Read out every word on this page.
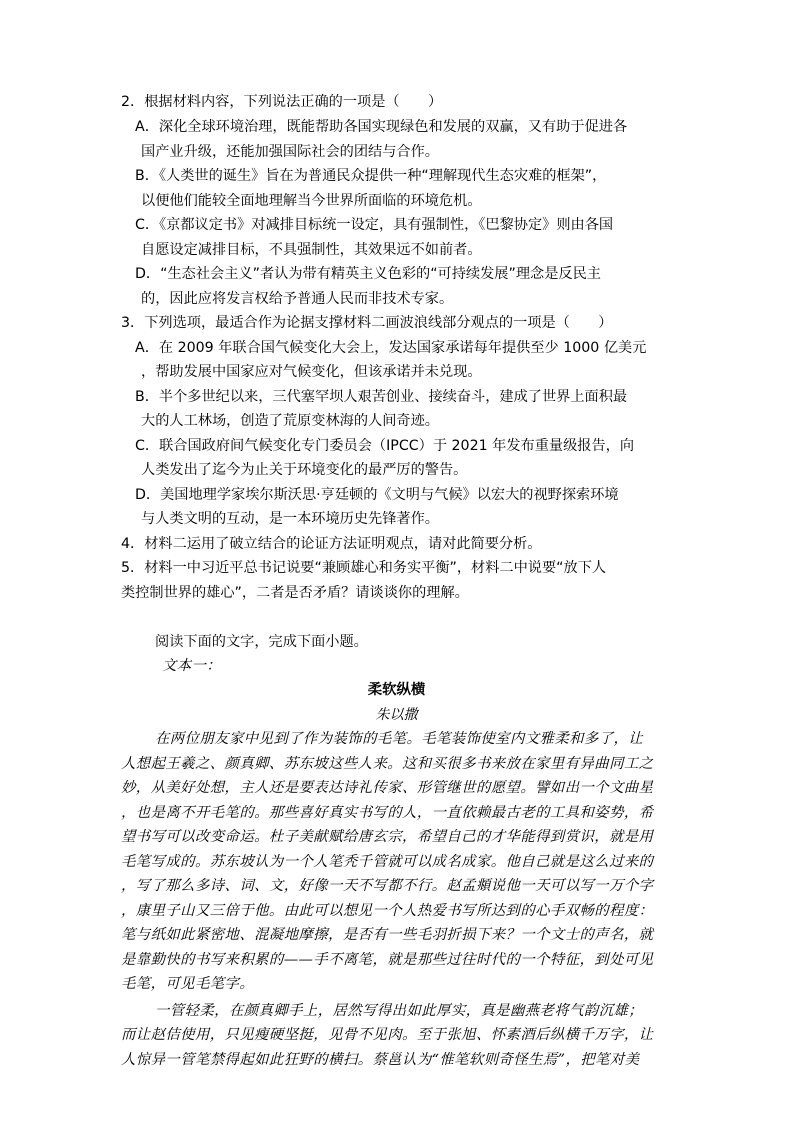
2．根据材料内容，下列说法正确的一项是（　　）
A．深化全球环境治理，既能帮助各国实现绿色和发展的双赢，又有助于促进各
国产业升级，还能加强国际社会的团结与合作。
B．《人类世的诞生》旨在为普通民众提供一种“理解现代生态灾难的框架”，
以便他们能较全面地理解当今世界所面临的环境危机。
C．《京都议定书》对减排目标统一设定，具有强制性，《巴黎协定》则由各国
自愿设定减排目标，不具强制性，其效果远不如前者。
D．“生态社会主义”者认为带有精英主义色彩的“可持续发展”理念是反民主
的，因此应将发言权给予普通人民而非技术专家。
3．下列选项，最适合作为论据支撑材料二画波浪线部分观点的一项是（　　）
A．在 2009 年联合国气候变化大会上，发达国家承诺每年提供至少 1000 亿美元
，帮助发展中国家应对气候变化，但该承诺并未兑现。
B．半个多世纪以来，三代塞罕坝人艰苦创业、接续奋斗，建成了世界上面积最
大的人工林场，创造了荒原变林海的人间奇迹。
C．联合国政府间气候变化专门委员会（IPCC）于 2021 年发布重量级报告，向
人类发出了迄今为止关于环境变化的最严厉的警告。
D．美国地理学家埃尔斯沃思·亨廷顿的《文明与气候》以宏大的视野探索环境
与人类文明的互动，是一本环境历史先锋著作。
4．材料二运用了破立结合的论证方法证明观点，请对此简要分析。
5．材料一中习近平总书记说要“兼顾雄心和务实平衡”，材料二中说要“放下人
类控制世界的雄心”，二者是否矛盾？请谈谈你的理解。
阅读下面的文字，完成下面小题。
文本一：
柔软纵横
朱以撒
在两位朋友家中见到了作为装饰的毛笔。毛笔装饰使室内文雅柔和多了，让
人想起王羲之、颜真卿、苏东坡这些人来。这和买很多书来放在家里有异曲同工之
妙，从美好处想，主人还是要表达诗礼传家、形管继世的愿望。譬如出一个文曲星
，也是离不开毛笔的。那些喜好真实书写的人，一直依赖最古老的工具和姿势，希
望书写可以改变命运。杜子美献赋给唐玄宗，希望自己的才华能得到赏识，就是用
毛笔写成的。苏东坡认为一个人笔秃千管就可以成名成家。他自己就是这么过来的
，写了那么多诗、词、文，好像一天不写都不行。赵孟頫说他一天可以写一万个字
，康里子山又三倍于他。由此可以想见一个人热爱书写所达到的心手双畅的程度：
笔与纸如此紧密地、混凝地摩擦，是否有一些毛羽折损下来？一个文士的声名，就
是靠勤快的书写来积累的——手不离笔，就是那些过往时代的一个特征，到处可见
毛笔，可见毛笔字。
一管轻柔，在颜真卿手上，居然写得出如此厚实，真是幽燕老将气韵沉雄；
而让赵佶使用，只见瘦硬坚挺，见骨不见肉。至于张旭、怀素酒后纵横千万字，让
人惊异一管笔禁得起如此狂野的横扫。蔡邕认为“惟笔软则奇怪生焉”，把笔对美
